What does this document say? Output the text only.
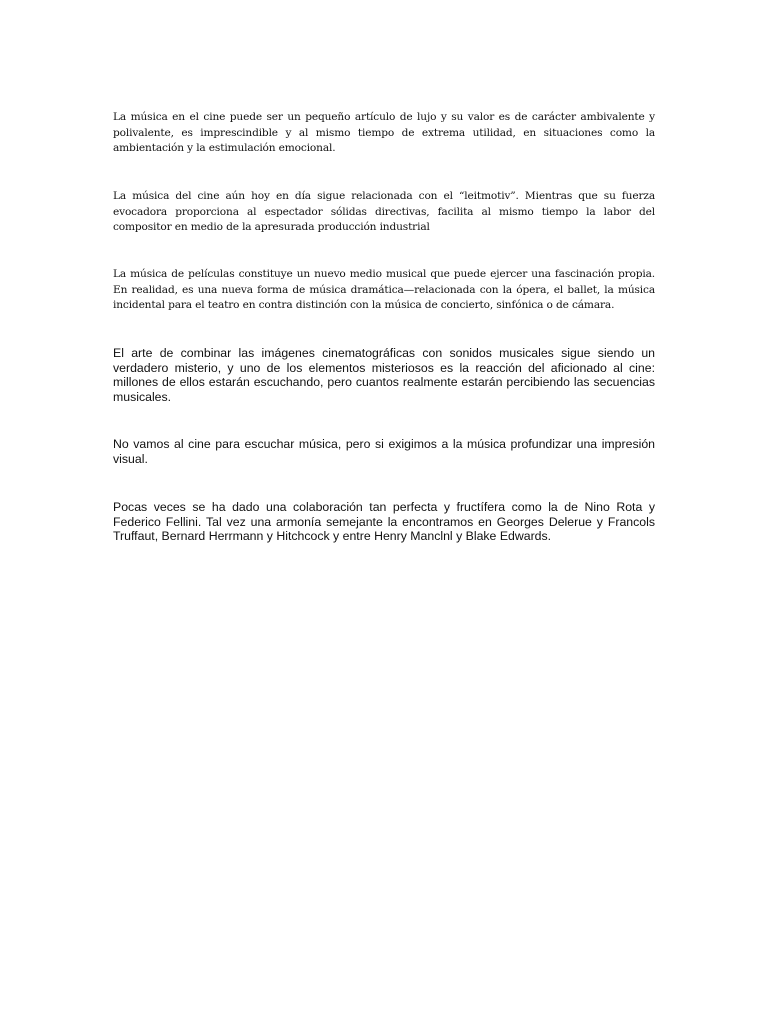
La música en el cine puede ser un pequeño artículo de lujo y su valor es de carácter ambivalente y polivalente, es imprescindible y al mismo tiempo de extrema utilidad, en situaciones como la ambientación y la estimulación emocional.

La música del cine aún hoy en día sigue relacionada con el “leitmotiv”. Mientras que su fuerza evocadora proporciona al espectador sólidas directivas, facilita al mismo tiempo la labor del compositor en medio de la apresurada producción industrial

La música de películas constituye un nuevo medio musical que puede ejercer una fascinación propia. En realidad, es una nueva forma de música dramática—relacionada con la ópera, el ballet, la música incidental para el teatro en contra distinción con la música de concierto, sinfónica o de cámara.

El arte de combinar las imágenes cinematográficas con sonidos musicales sigue siendo un verdadero misterio, y uno de los elementos misteriosos es la reacción del aficionado al cine: millones de ellos estarán escuchando, pero cuantos realmente estarán percibiendo las secuencias musicales.

No vamos al cine para escuchar música, pero si exigimos a la música profundizar una impresión visual.

Pocas veces se ha dado una colaboración tan perfecta y fructífera como la de Nino Rota y Federico Fellini. Tal vez una armonía semejante la encontramos en Georges Delerue y Francols Truffaut, Bernard Herrmann y Hitchcock y entre Henry Manclnl y Blake Edwards.
